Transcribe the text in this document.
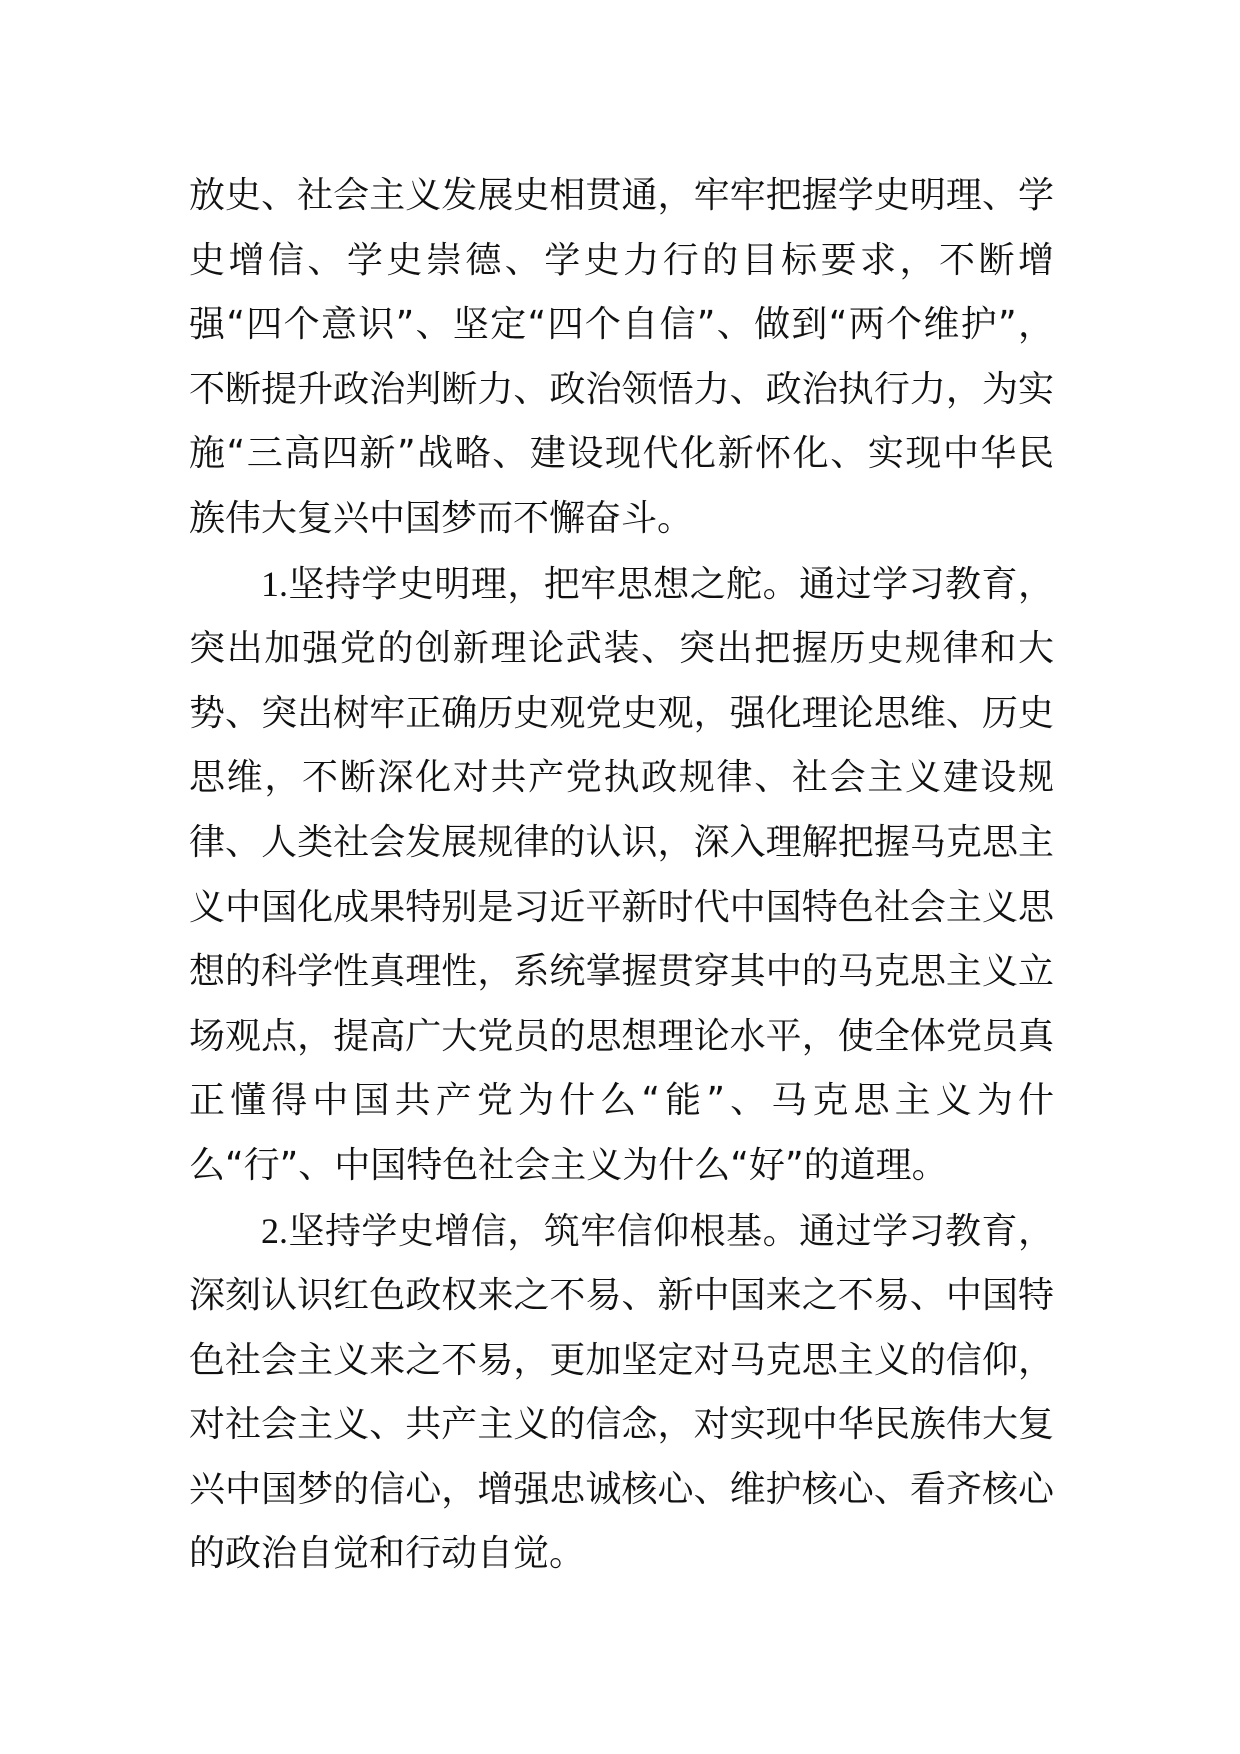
放史、社会主义发展史相贯通，牢牢把握学史明理、学史增信、学史崇德、学史力行的目标要求，不断增强“四个意识”、坚定“四个自信”、做到“两个维护”，不断提升政治判断力、政治领悟力、政治执行力，为实施“三高四新”战略、建设现代化新怀化、实现中华民族伟大复兴中国梦而不懈奋斗。

1.坚持学史明理，把牢思想之舵。通过学习教育，突出加强党的创新理论武装、突出把握历史规律和大势、突出树牢正确历史观党史观，强化理论思维、历史思维，不断深化对共产党执政规律、社会主义建设规律、人类社会发展规律的认识，深入理解把握马克思主义中国化成果特别是习近平新时代中国特色社会主义思想的科学性真理性，系统掌握贯穿其中的马克思主义立场观点，提高广大党员的思想理论水平，使全体党员真正懂得中国共产党为什么“能”、马克思主义为什么“行”、中国特色社会主义为什么“好”的道理。

2.坚持学史增信，筑牢信仰根基。通过学习教育，深刻认识红色政权来之不易、新中国来之不易、中国特色社会主义来之不易，更加坚定对马克思主义的信仰，对社会主义、共产主义的信念，对实现中华民族伟大复兴中国梦的信心，增强忠诚核心、维护核心、看齐核心的政治自觉和行动自觉。
